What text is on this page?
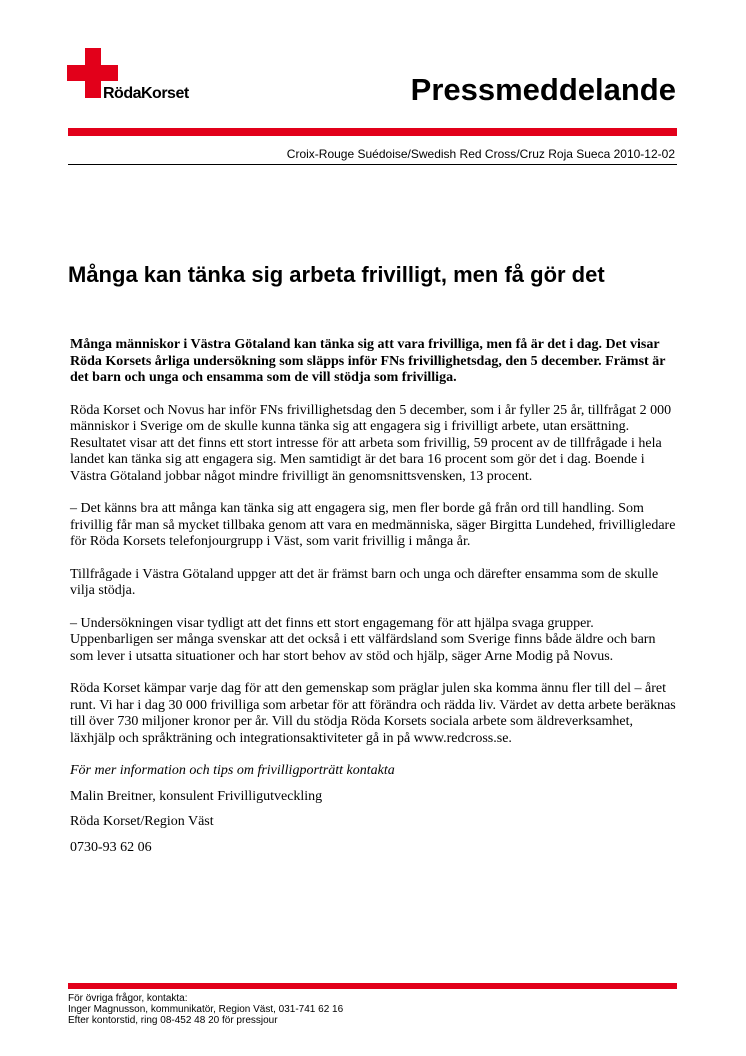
RödaKorset	Pressmeddelande
Croix-Rouge Suédoise/Swedish Red Cross/Cruz Roja Sueca 2010-12-02
Många kan tänka sig arbeta frivilligt, men få gör det

Många människor i Västra Götaland kan tänka sig att vara frivilliga, men få är det i dag. Det visar Röda Korsets årliga undersökning som släpps inför FNs frivillighetsdag, den 5 december. Främst är det barn och unga och ensamma som de vill stödja som frivilliga.

Röda Korset och Novus har inför FNs frivillighetsdag den 5 december, som i år fyller 25 år, tillfrågat 2 000 människor i Sverige om de skulle kunna tänka sig att engagera sig i frivilligt arbete, utan ersättning. Resultatet visar att det finns ett stort intresse för att arbeta som frivillig, 59 procent av de tillfrågade i hela landet kan tänka sig att engagera sig. Men samtidigt är det bara 16 procent som gör det i dag. Boende i Västra Götaland jobbar något mindre frivilligt än genomsnittsvensken, 13 procent.

– Det känns bra att många kan tänka sig att engagera sig, men fler borde gå från ord till handling. Som frivillig får man så mycket tillbaka genom att vara en medmänniska, säger Birgitta Lundehed, frivilligledare för Röda Korsets telefonjourgrupp i Väst, som varit frivillig i många år.

Tillfrågade i Västra Götaland uppger att det är främst barn och unga och därefter ensamma som de skulle vilja stödja.

– Undersökningen visar tydligt att det finns ett stort engagemang för att hjälpa svaga grupper. Uppenbarligen ser många svenskar att det också i ett välfärdsland som Sverige finns både äldre och barn som lever i utsatta situationer och har stort behov av stöd och hjälp, säger Arne Modig på Novus.

Röda Korset kämpar varje dag för att den gemenskap som präglar julen ska komma ännu fler till del – året runt. Vi har i dag 30 000 frivilliga som arbetar för att förändra och rädda liv. Värdet av detta arbete beräknas till över 730 miljoner kronor per år. Vill du stödja Röda Korsets sociala arbete som äldreverksamhet, läxhjälp och språkträning och integrationsaktiviteter gå in på www.redcross.se.

För mer information och tips om frivilligporträtt kontakta

Malin Breitner, konsulent Frivilligutveckling

Röda Korset/Region Väst

0730-93 62 06

För övriga frågor, kontakta:
Inger Magnusson, kommunikatör, Region Väst, 031-741 62 16
Efter kontorstid, ring 08-452 48 20 för pressjour
